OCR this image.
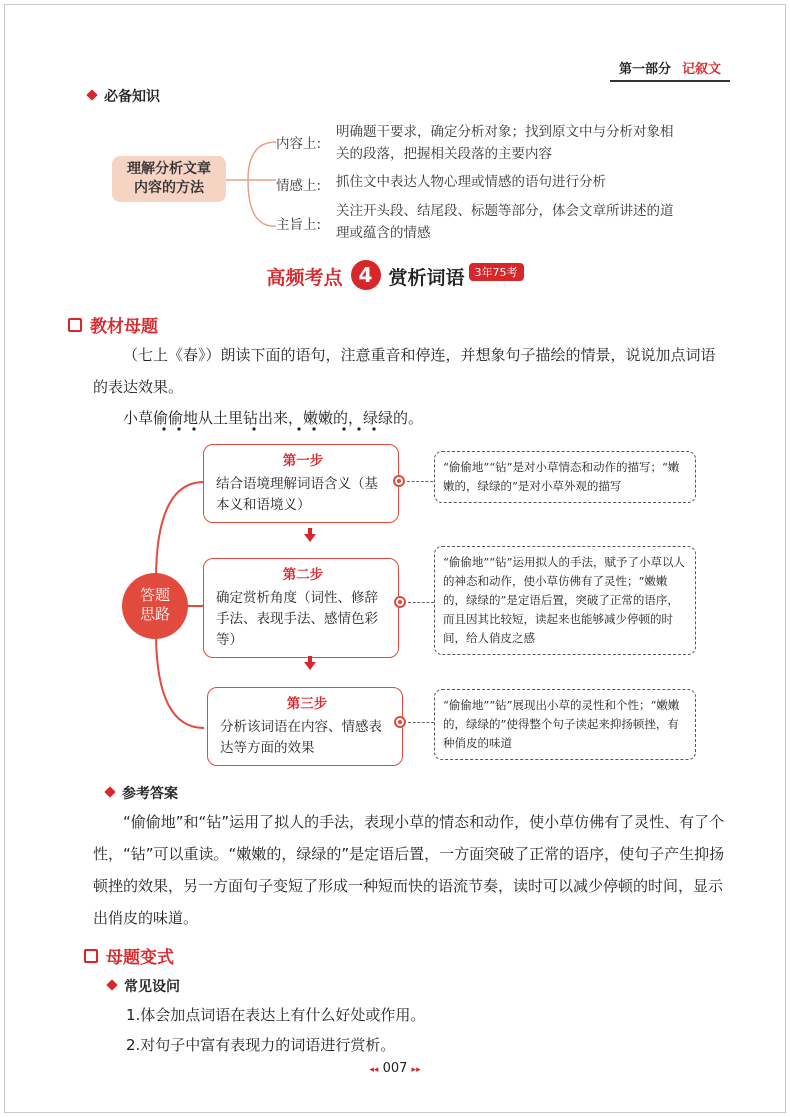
第一部分 记叙文
必备知识
理解分析文章
内容的方法
内容上:
明确题干要求，确定分析对象；找到原文中与分析对象相关的段落，把握相关段落的主要内容
情感上: 抓住文中表达人物心理或情感的语句进行分析
主旨上:
关注开头段、结尾段、标题等部分，体会文章所讲述的道理或蕴含的情感
高频考点 4 赏析词语 3年75考
教材母题
（七上《春》）朗读下面的语句，注意重音和停连，并想象句子描绘的情景，说说加点词语
的表达效果。
小草偷偷地从土里钻出来，嫩嫩的，绿绿的。
答题
思路
第一步
结合语境理解词语含义（基本义和语境义）
第二步
确定赏析角度（词性、修辞手法、表现手法、感情色彩等）
第三步
分析该词语在内容、情感表达等方面的效果
“偷偷地”“钻”是对小草情态和动作的描写；“嫩嫩的，绿绿的”是对小草外观的描写
“偷偷地”“钻”运用拟人的手法，赋予了小草以人的神态和动作，使小草仿佛有了灵性；“嫩嫩的，绿绿的”是定语后置，突破了正常的语序，而且因其比较短，读起来也能够减少停顿的时间，给人俏皮之感
“偷偷地”“钻”展现出小草的灵性和个性；“嫩嫩的，绿绿的”使得整个句子读起来抑扬顿挫，有种俏皮的味道
参考答案
“偷偷地”和“钻”运用了拟人的手法，表现小草的情态和动作，使小草仿佛有了灵性、有了个性，“钻”可以重读。“嫩嫩的，绿绿的”是定语后置，一方面突破了正常的语序，使句子产生抑扬顿挫的效果，另一方面句子变短了形成一种短而快的语流节奏，读时可以减少停顿的时间，显示出俏皮的味道。
母题变式
常见设问
1.体会加点词语在表达上有什么好处或作用。
2.对句子中富有表现力的词语进行赏析。
◂◂ 007 ▸▸
